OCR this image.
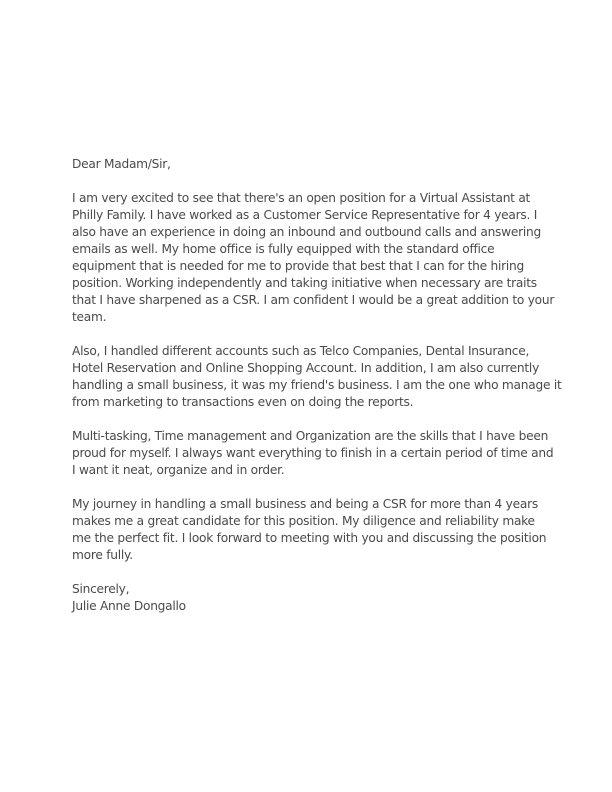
Dear Madam/Sir,
I am very excited to see that there's an open position for a Virtual Assistant at
Philly Family. I have worked as a Customer Service Representative for 4 years. I
also have an experience in doing an inbound and outbound calls and answering
emails as well. My home office is fully equipped with the standard office
equipment that is needed for me to provide that best that I can for the hiring
position. Working independently and taking initiative when necessary are traits
that I have sharpened as a CSR. I am confident I would be a great addition to your
team.
Also, I handled different accounts such as Telco Companies, Dental Insurance,
Hotel Reservation and Online Shopping Account. In addition, I am also currently
handling a small business, it was my friend's business. I am the one who manage it
from marketing to transactions even on doing the reports.
Multi-tasking, Time management and Organization are the skills that I have been
proud for myself. I always want everything to finish in a certain period of time and
I want it neat, organize and in order.
My journey in handling a small business and being a CSR for more than 4 years
makes me a great candidate for this position. My diligence and reliability make
me the perfect fit. I look forward to meeting with you and discussing the position
more fully.
Sincerely,
Julie Anne Dongallo
